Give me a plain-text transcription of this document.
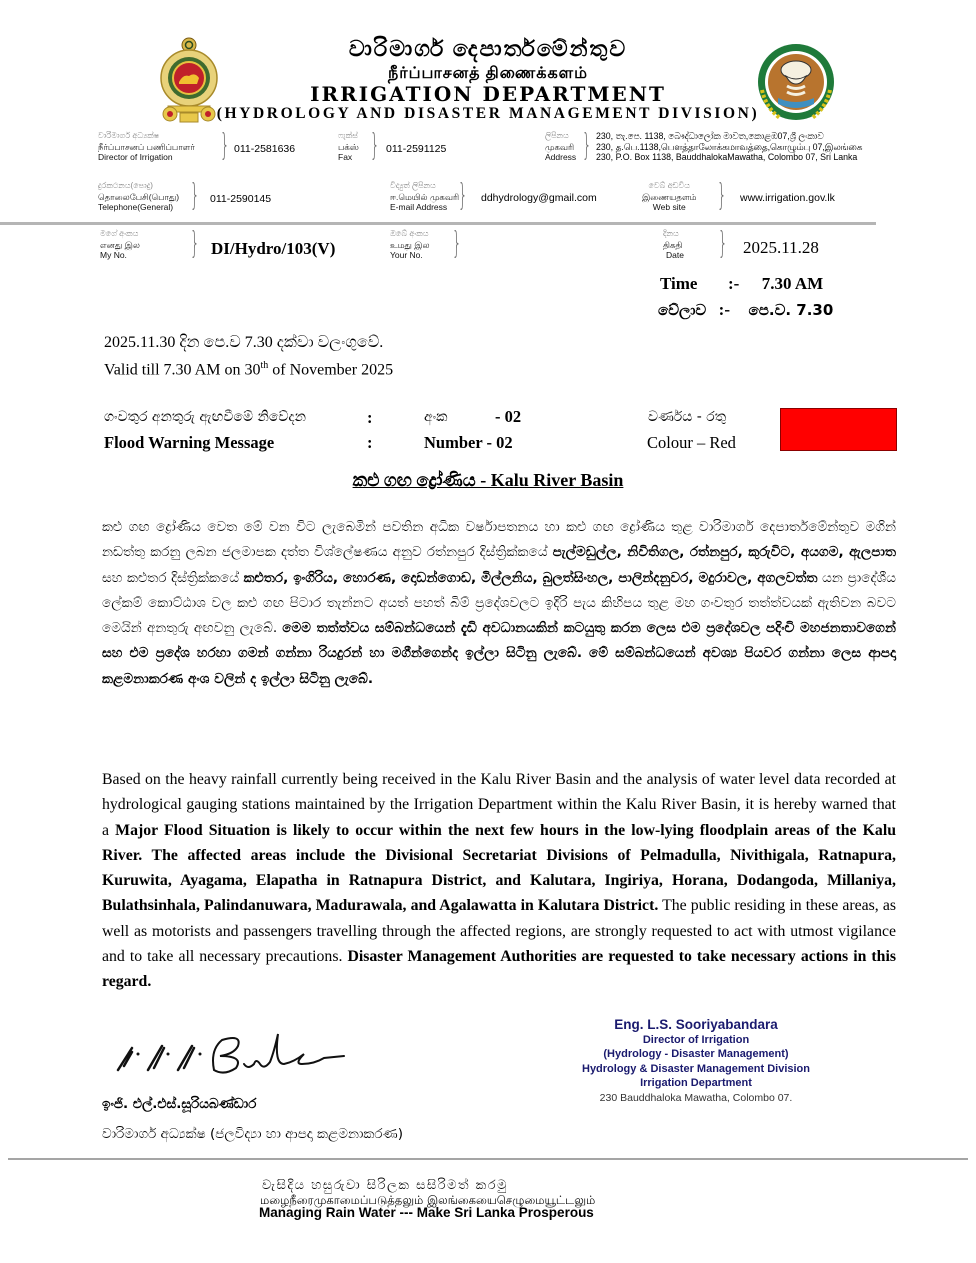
වාරිමාර්ග දෙපාර්තමේන්තුව
நீர்ப்பாசனத் திணைக்களம்
IRRIGATION DEPARTMENT
(HYDROLOGY AND DISASTER MANAGEMENT DIVISION)
වාරිමාර්ග අධ්‍යක්ෂ
நீர்ப்பாசனப் பணிப்பாளர்
Director of Irrigation	} 011-2581636
ෆැක්ස්
பக்ஸ்
Fax } 011-2591125
ලිපිනය
முகவரி
Address } 230, තැ.පෙ. 1138, බෞද්ධාලෝක මාවත,කොළඹ07,ශ්‍රී ලංකාව
230, த.பெ.1138,பௌத்தாலோக்கமாவத்தை,கொழும்பு 07,இலங்கை
230, P.O. Box 1138, BauddhalokaMawatha, Colombo 07, Sri Lanka
දුරකථනය(පොදු)
தொலைபேசி(பொது)
Telephone(General) } 011-2590145
විද්‍යුත් ලිපිනය
ஈ.மெயில் முகவரி
E-mail Address } ddhydrology@gmail.com
වෙබ් අඩවිය
இணையதளம்
Web site	} www.irrigation.gov.lk
මගේ අංකය
எனது இல
My No.	} DI/Hydro/103(V)
ඔබේ අංකය
உமது இல
Your No. }	දිනය
திகதி
Date } 2025.11.28
Time :- 7.30 AM
වේලාව :- පෙ.ව. 7.30
2025.11.30 දින පෙ.ව 7.30 දක්වා වලංගුවේ.
Valid till 7.30 AM on 30th of November 2025
ගංවතුර අනතුරු ඇඟවීමේ නිවේදන	:	අංක	- 02	වර්ණය - රතු
Flood Warning Message	:	Number - 02	Colour – Red
කළු ගඟ ද්‍රෝණිය - Kalu River Basin
කළු ගඟ ද්‍රෝණිය වෙත මේ වන විට ලැබෙමින් පවතින අධික වර්ෂාපතනය හා කළු ගඟ ද්‍රෝණිය තුළ වාරිමාර්ග දෙපාර්තමේන්තුව මගින් නඩත්තු කරනු ලබන ජලමාපක දත්ත විශ්ලේෂණය අනුව රත්නපුර දිස්ත්‍රික්කයේ පැල්මඩුල්ල, නිවිතිගල, රත්නපුර, කුරුවිට, අයගම, ඇලපාත සහ කළුතර දිස්ත්‍රික්කයේ කළුතර, ඉංගිරිය, හොරණ, දොඩන්ගොඩ, මිල්ලනිය, බුලත්සිංහල, පාලින්දනුවර, මදුරාවල, අගලවත්ත යන ප්‍රාදේශීය ලේකම් කොට්ඨාශ වල කළු ගඟ පිටාර තැන්නට අයත් පහත් බිම් ප්‍රදේශවලට ඉදිරි පැය කිහිපය තුළ මහ ගංවතුර තත්ත්වයක් ඇතිවන බවට මෙයින් අනතුරු අඟවනු ලැබේ. මෙම තත්ත්වය සම්බන්ධයෙන් දැඩි අවධානයකින් කටයුතු කරන ලෙස එම ප්‍රදේශවල පදිංචි මහජනතාවගෙන් සහ එම ප්‍රදේශ හරහා ගමන් ගන්නා රියදුරන් හා මගීන්ගෙන්ද ඉල්ලා සිටිනු ලැබේ. මේ සම්බන්ධයෙන් අවශ්‍ය පියවර ගන්නා ලෙස ආපදා කළමනාකරණ අංශ වලින් ද ඉල්ලා සිටිනු ලැබේ.
Based on the heavy rainfall currently being received in the Kalu River Basin and the analysis of water level data recorded at hydrological gauging stations maintained by the Irrigation Department within the Kalu River Basin, it is hereby warned that a Major Flood Situation is likely to occur within the next few hours in the low-lying floodplain areas of the Kalu River. The affected areas include the Divisional Secretariat Divisions of Pelmadulla, Nivithigala, Ratnapura, Kuruwita, Ayagama, Elapatha in Ratnapura District, and Kalutara, Ingiriya, Horana, Dodangoda, Millaniya, Bulathsinhala, Palindanuwara, Madurawala, and Agalawatta in Kalutara District. The public residing in these areas, as well as motorists and passengers travelling through the affected regions, are strongly requested to act with utmost vigilance and to take all necessary precautions. Disaster Management Authorities are requested to take necessary actions in this regard.
ඉංජි. එල්.එස්.සූරියබණ්ඩාර
වාරිමාර්ග අධ්‍යක්ෂ (ජලවිද්‍යා හා ආපදා කළමනාකරණ)
Eng. L.S. Sooriyabandara
Director of Irrigation
(Hydrology - Disaster Management)
Hydrology & Disaster Management Division
Irrigation Department
230 Bauddhaloka Mawatha, Colombo 07.
වැසිදිය හසුරුවා සිරිලක සසිරිමත් කරමු
மழைநீரைமுகாமைப்படுத்தலும் இலங்கையைசெழுமையூட்டலும்
Managing Rain Water --- Make Sri Lanka Prosperous
